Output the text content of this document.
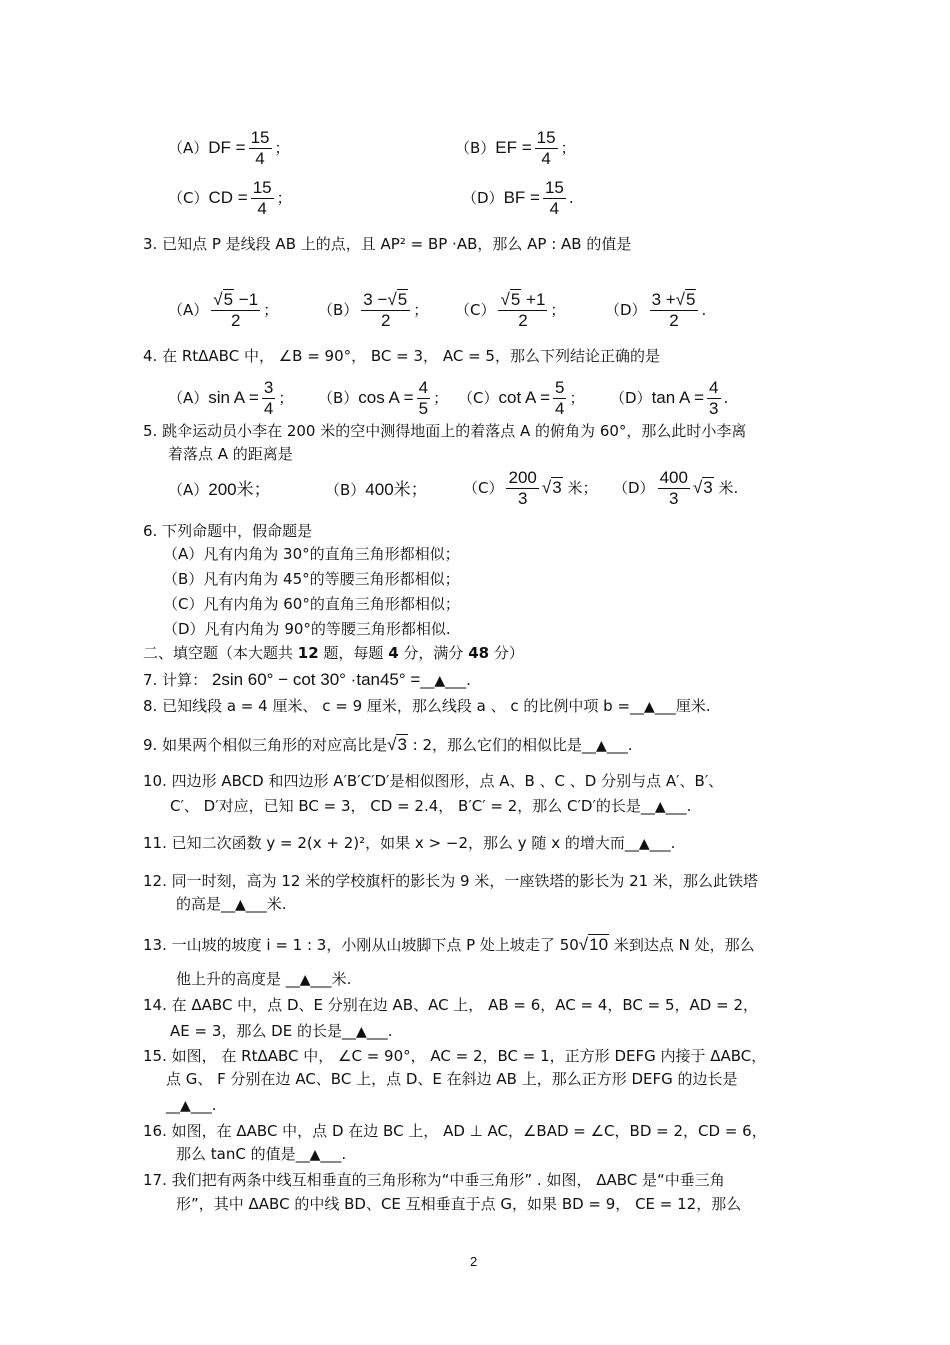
$(A)DF = \frac{15}{4}$ ；	$(B)EF = \frac{15}{4}$ ；
$(C)CD = \frac{15}{4}$ ；	$(D)BF = \frac{15}{4}$ .
3. 已知点 P 是线段 AB 上的点，且 AP² = BP ·AB，那么 AP : AB 的值是
$(A) \frac{√5 -1}{2}$ ；	$(B) \frac{3 -√5}{2}$ ； $(C) \frac{√5 +1}{2}$ ；	$(D) \frac{3 +√5}{2}$ .
4. 在 RtΔABC 中， ∠B = 90°， BC = 3， AC = 5，那么下列结论正确的是
（A）sin $A = \frac{3}{4}$ ； （B）cos $A = \frac{4}{5}$ ； （C）cot $A = \frac{5}{4}$ ； （D）tan $A = \frac{4}{3}$ .
5. 跳伞运动员小李在 200 米的空中测得地面上的着落点 A 的俯角为 60°，那么此时小李离
着落点 A 的距离是
（A）200米；	（B）400米； $(C) \frac{200}{3} √3$ 米； $(D) \frac{400}{3} √3$ 米.
6. 下列命题中，假命题是
（A）凡有内角为 30°的直角三角形都相似；
（B）凡有内角为 45°的等腰三角形都相似；
（C）凡有内角为 60°的直角三角形都相似；
（D）凡有内角为 90°的等腰三角形都相似.
二、填空题（本大题共 12 题，每题 4 分，满分 48 分）
7. 计算： 2sin 60° − cot 30° ·tan45° =__▲___.
8. 已知线段 a = 4 厘米、 c = 9 厘米，那么线段 a 、 c 的比例中项 b =__▲___厘米.
9. 如果两个相似三角形的对应高比是√3 : 2，那么它们的相似比是__▲___.
10. 四边形 ABCD 和四边形 A′B′C′D′是相似图形，点 A、B 、C 、D 分别与点 A′、B′、
C′、 D′对应，已知 BC = 3， CD = 2.4， B′C′ = 2，那么 C′D′的长是__▲___.
11. 已知二次函数 y = 2(x + 2)²，如果 x > −2，那么 y 随 x 的增大而__▲___.
12. 同一时刻，高为 12 米的学校旗杆的影长为 9 米，一座铁塔的影长为 21 米，那么此铁塔
的高是__▲___米.
13. 一山坡的坡度 i = 1 : 3，小刚从山坡脚下点 P 处上坡走了 50√10 米到达点 N 处，那么
他上升的高度是 __▲___米.
14. 在 ΔABC 中，点 D、E 分别在边 AB、AC 上， AB = 6，AC = 4，BC = 5，AD = 2，
AE = 3，那么 DE 的长是__▲___.
15. 如图， 在 RtΔABC 中， ∠C = 90°， AC = 2，BC = 1，正方形 DEFG 内接于 ΔABC，
点 G、 F 分别在边 AC、BC 上，点 D、E 在斜边 AB 上，那么正方形 DEFG 的边长是
__▲___.
16. 如图，在 ΔABC 中，点 D 在边 BC 上， AD ⊥ AC，∠BAD = ∠C，BD = 2，CD = 6，
那么 tanC 的值是__▲___.
17. 我们把有两条中线互相垂直的三角形称为“中垂三角形” . 如图， ΔABC 是“中垂三角
形”，其中 ΔABC 的中线 BD、CE 互相垂直于点 G，如果 BD = 9， CE = 12，那么
2
